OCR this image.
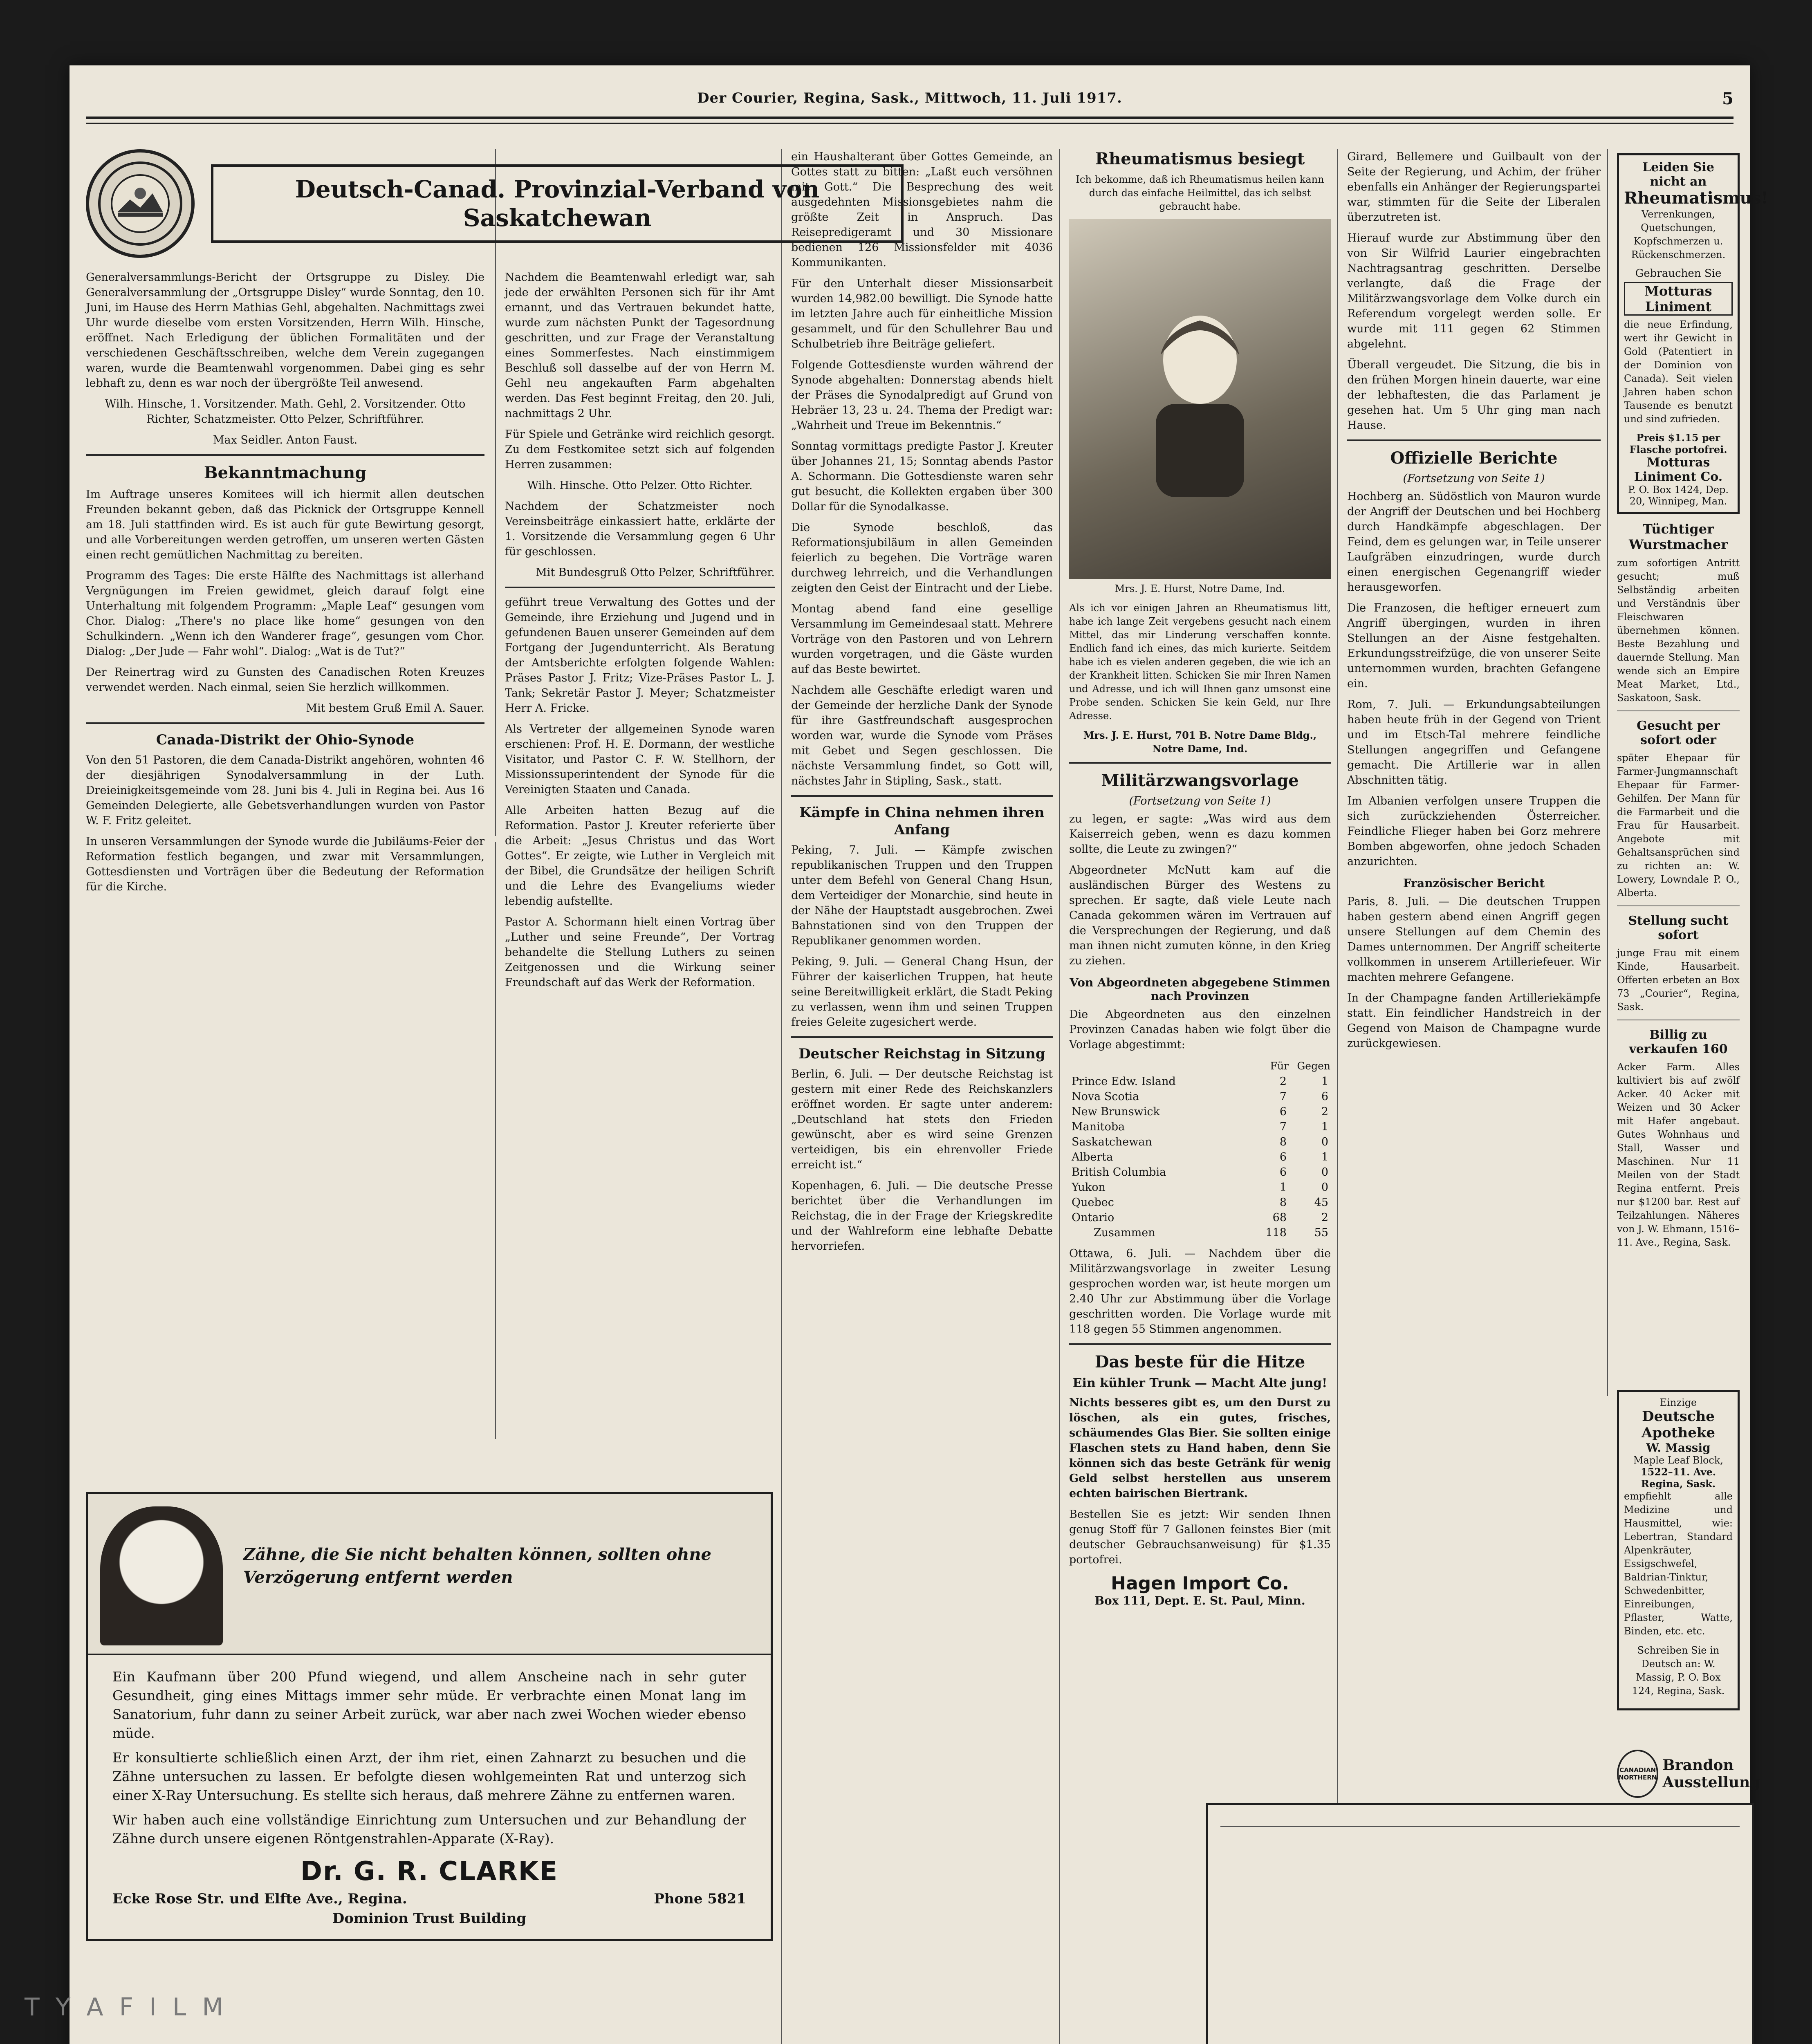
Der Courier, Regina, Sask., Mittwoch, 11. Juli 1917.	5
Deutsch-Canad. Provinzial-Verband von Saskatchewan

Generalversammlungs-Bericht der Ortsgruppe zu Disley. Die Generalversammlung der „Ortsgruppe Disley“ wurde Sonntag, den 10. Juni, im Hause des Herrn Mathias Gehl, abgehalten. Nachmittags zwei Uhr wurde dieselbe vom ersten Vorsitzenden, Herrn Wilh. Hinsche, eröffnet. Nach Erledigung der üblichen Formalitäten und der verschiedenen Geschäftsschreiben, welche dem Verein zugegangen waren, wurde die Beamtenwahl vorgenommen. Dabei ging es sehr lebhaft zu, denn es war noch der übergrößte Teil anwesend.

Wilh. Hinsche, 1. Vorsitzender. Math. Gehl, 2. Vorsitzender. Otto Richter, Schatzmeister. Otto Pelzer, Schriftführer.

Max Seidler. Anton Faust.

Bekanntmachung

Im Auftrage unseres Komitees will ich hiermit allen deutschen Freunden bekannt geben, daß das Picknick der Ortsgruppe Kennell am 18. Juli stattfinden wird. Es ist auch für gute Bewirtung gesorgt, und alle Vorbereitungen werden getroffen, um unseren werten Gästen einen recht gemütlichen Nachmittag zu bereiten.

Programm des Tages: Die erste Hälfte des Nachmittags ist allerhand Vergnügungen im Freien gewidmet, gleich darauf folgt eine Unterhaltung mit folgendem Programm: „Maple Leaf“ gesungen vom Chor. Dialog: „There's no place like home“ gesungen von den Schulkindern. „Wenn ich den Wanderer frage“, gesungen vom Chor. Dialog: „Der Jude — Fahr wohl“. Dialog: „Wat is de Tut?“

Der Reinertrag wird zu Gunsten des Canadischen Roten Kreuzes verwendet werden. Nach einmal, seien Sie herzlich willkommen.

Mit bestem Gruß Emil A. Sauer.

Canada-Distrikt der Ohio-Synode

Von den 51 Pastoren, die dem Canada-Distrikt angehören, wohnten 46 der diesjährigen Synodalversammlung in der Luth. Dreieinigkeitsgemeinde vom 28. Juni bis 4. Juli in Regina bei. Aus 16 Gemeinden Delegierte, alle Gebetsverhandlungen wurden von Pastor W. F. Fritz geleitet.

In unseren Versammlungen der Synode wurde die Jubiläums-Feier der Reformation festlich begangen, und zwar mit Versammlungen, Gottesdiensten und Vorträgen über die Bedeutung der Reformation für die Kirche.

Nachdem die Beamtenwahl erledigt war, sah jede der erwählten Personen sich für ihr Amt ernannt, und das Vertrauen bekundet hatte, wurde zum nächsten Punkt der Tagesordnung geschritten, und zur Frage der Veranstaltung eines Sommerfestes. Nach einstimmigem Beschluß soll dasselbe auf der von Herrn M. Gehl neu angekauften Farm abgehalten werden. Das Fest beginnt Freitag, den 20. Juli, nachmittags 2 Uhr.

Für Spiele und Getränke wird reichlich gesorgt. Zu dem Festkomitee setzt sich auf folgenden Herren zusammen:

Wilh. Hinsche. Otto Pelzer. Otto Richter.

Nachdem der Schatzmeister noch Vereinsbeiträge einkassiert hatte, erklärte der 1. Vorsitzende die Versammlung gegen 6 Uhr für geschlossen.

Mit Bundesgruß Otto Pelzer, Schriftführer.

geführt treue Verwaltung des Gottes und der Gemeinde, ihre Erziehung und Jugend und in gefundenen Bauen unserer Gemeinden auf dem Fortgang der Jugendunterricht. Als Beratung der Amtsberichte erfolgten folgende Wahlen: Präses Pastor J. Fritz; Vize-Präses Pastor L. J. Tank; Sekretär Pastor J. Meyer; Schatzmeister Herr A. Fricke.

Als Vertreter der allgemeinen Synode waren erschienen: Prof. H. E. Dormann, der westliche Visitator, und Pastor C. F. W. Stellhorn, der Missionssuperintendent der Synode für die Vereinigten Staaten und Canada.

Alle Arbeiten hatten Bezug auf die Reformation. Pastor J. Kreuter referierte über die Arbeit: „Jesus Christus und das Wort Gottes“. Er zeigte, wie Luther in Vergleich mit der Bibel, die Grundsätze der heiligen Schrift und die Lehre des Evangeliums wieder lebendig aufstellte.

Pastor A. Schormann hielt einen Vortrag über „Luther und seine Freunde“, Der Vortrag behandelte die Stellung Luthers zu seinen Zeitgenossen und die Wirkung seiner Freundschaft auf das Werk der Reformation.

Zähne, die Sie nicht behalten können, sollten ohne Verzögerung entfernt werden

Ein Kaufmann über 200 Pfund wiegend, und allem Anscheine nach in sehr guter Gesundheit, ging eines Mittags immer sehr müde. Er verbrachte einen Monat lang im Sanatorium, fuhr dann zu seiner Arbeit zurück, war aber nach zwei Wochen wieder ebenso müde.

Er konsultierte schließlich einen Arzt, der ihm riet, einen Zahnarzt zu besuchen und die Zähne untersuchen zu lassen. Er befolgte diesen wohlgemeinten Rat und unterzog sich einer X-Ray Untersuchung. Es stellte sich heraus, daß mehrere Zähne zu entfernen waren.

Wir haben auch eine vollständige Einrichtung zum Untersuchen und zur Behandlung der Zähne durch unsere eigenen Röntgenstrahlen-Apparate (X-Ray).

Dr. G. R. CLARKE
Ecke Rose Str. und Elfte Ave., Regina.	Phone 5821
Dominion Trust Building

ein Haushalterant über Gottes Gemeinde, an Gottes statt zu bitten: „Laßt euch versöhnen mit Gott.“ Die Besprechung des weit ausgedehnten Missionsgebietes nahm die größte Zeit in Anspruch. Das Reisepredigeramt und 30 Missionare bedienen 126 Missionsfelder mit 4036 Kommunikanten.

Für den Unterhalt dieser Missionsarbeit wurden 14,982.00 bewilligt. Die Synode hatte im letzten Jahre auch für einheitliche Mission gesammelt, und für den Schullehrer Bau und Schulbetrieb ihre Beiträge geliefert.

Folgende Gottesdienste wurden während der Synode abgehalten: Donnerstag abends hielt der Präses die Synodalpredigt auf Grund von Hebräer 13, 23 u. 24. Thema der Predigt war: „Wahrheit und Treue im Bekenntnis.“

Sonntag vormittags predigte Pastor J. Kreuter über Johannes 21, 15; Sonntag abends Pastor A. Schormann. Die Gottesdienste waren sehr gut besucht, die Kollekten ergaben über 300 Dollar für die Synodalkasse.

Die Synode beschloß, das Reformationsjubiläum in allen Gemeinden feierlich zu begehen. Die Vorträge waren durchweg lehrreich, und die Verhandlungen zeigten den Geist der Eintracht und der Liebe.

Montag abend fand eine gesellige Versammlung im Gemeindesaal statt. Mehrere Vorträge von den Pastoren und von Lehrern wurden vorgetragen, und die Gäste wurden auf das Beste bewirtet.

Nachdem alle Geschäfte erledigt waren und der Gemeinde der herzliche Dank der Synode für ihre Gastfreundschaft ausgesprochen worden war, wurde die Synode vom Präses mit Gebet und Segen geschlossen. Die nächste Versammlung findet, so Gott will, nächstes Jahr in Stipling, Sask., statt.

Kämpfe in China nehmen ihren Anfang

Peking, 7. Juli. — Kämpfe zwischen republikanischen Truppen und den Truppen unter dem Befehl von General Chang Hsun, dem Verteidiger der Monarchie, sind heute in der Nähe der Hauptstadt ausgebrochen. Zwei Bahnstationen sind von den Truppen der Republikaner genommen worden.

Peking, 9. Juli. — General Chang Hsun, der Führer der kaiserlichen Truppen, hat heute seine Bereitwilligkeit erklärt, die Stadt Peking zu verlassen, wenn ihm und seinen Truppen freies Geleite zugesichert werde.

Deutscher Reichstag in Sitzung

Berlin, 6. Juli. — Der deutsche Reichstag ist gestern mit einer Rede des Reichskanzlers eröffnet worden. Er sagte unter anderem: „Deutschland hat stets den Frieden gewünscht, aber es wird seine Grenzen verteidigen, bis ein ehrenvoller Friede erreicht ist.“

Kopenhagen, 6. Juli. — Die deutsche Presse berichtet über die Verhandlungen im Reichstag, die in der Frage der Kriegskredite und der Wahlreform eine lebhafte Debatte hervorriefen.

Rheumatismus besiegt

Ich bekomme, daß ich Rheumatismus heilen kann durch das einfache Heilmittel, das ich selbst gebraucht habe.

Mrs. J. E. Hurst, Notre Dame, Ind.

Als ich vor einigen Jahren an Rheumatismus litt, habe ich lange Zeit vergebens gesucht nach einem Mittel, das mir Linderung verschaffen konnte. Endlich fand ich eines, das mich kurierte. Seitdem habe ich es vielen anderen gegeben, die wie ich an der Krankheit litten. Schicken Sie mir Ihren Namen und Adresse, und ich will Ihnen ganz umsonst eine Probe senden. Schicken Sie kein Geld, nur Ihre Adresse.

Mrs. J. E. Hurst, 701 B. Notre Dame Bldg., Notre Dame, Ind.

Militärzwangsvorlage
(Fortsetzung von Seite 1)

zu legen, er sagte: „Was wird aus dem Kaiserreich geben, wenn es dazu kommen sollte, die Leute zu zwingen?“

Abgeordneter McNutt kam auf die ausländischen Bürger des Westens zu sprechen. Er sagte, daß viele Leute nach Canada gekommen wären im Vertrauen auf die Versprechungen der Regierung, und daß man ihnen nicht zumuten könne, in den Krieg zu ziehen.

Von Abgeordneten abgegebene Stimmen nach Provinzen

Die Abgeordneten aus den einzelnen Provinzen Canadas haben wie folgt über die Vorlage abgestimmt:

	Für	Gegen
Prince Edw. Island	2	1
Nova Scotia	7	6
New Brunswick	6	2
Manitoba	7	1
Saskatchewan	8	0
Alberta	6	1
British Columbia	6	0
Yukon	1	0
Quebec	8	45
Ontario	68	2
Zusammen	118	55

Ottawa, 6. Juli. — Nachdem über die Militärzwangsvorlage in zweiter Lesung gesprochen worden war, ist heute morgen um 2.40 Uhr zur Abstimmung über die Vorlage geschritten worden. Die Vorlage wurde mit 118 gegen 55 Stimmen angenommen.

Das beste für die Hitze
Ein kühler Trunk — Macht Alte jung!

Nichts besseres gibt es, um den Durst zu löschen, als ein gutes, frisches, schäumendes Glas Bier. Sie sollten einige Flaschen stets zu Hand haben, denn Sie können sich das beste Getränk für wenig Geld selbst herstellen aus unserem echten bairischen Biertrank.

Bestellen Sie es jetzt: Wir senden Ihnen genug Stoff für 7 Gallonen feinstes Bier (mit deutscher Gebrauchsanweisung) für $1.35 portofrei.

Hagen Import Co.
Box 111, Dept. E. St. Paul, Minn.

Girard, Bellemere und Guilbault von der Seite der Regierung, und Achim, der früher ebenfalls ein Anhänger der Regierungspartei war, stimmten für die Seite der Liberalen überzutreten ist.

Hierauf wurde zur Abstimmung über den von Sir Wilfrid Laurier eingebrachten Nachtragsantrag geschritten. Derselbe verlangte, daß die Frage der Militärzwangsvorlage dem Volke durch ein Referendum vorgelegt werden solle. Er wurde mit 111 gegen 62 Stimmen abgelehnt.

Überall vergeudet. Die Sitzung, die bis in den frühen Morgen hinein dauerte, war eine der lebhaftesten, die das Parlament je gesehen hat. Um 5 Uhr ging man nach Hause.

Offizielle Berichte
(Fortsetzung von Seite 1)

Hochberg an. Südöstlich von Mauron wurde der Angriff der Deutschen und bei Hochberg durch Handkämpfe abgeschlagen. Der Feind, dem es gelungen war, in Teile unserer Laufgräben einzudringen, wurde durch einen energischen Gegenangriff wieder herausgeworfen.

Die Franzosen, die heftiger erneuert zum Angriff übergingen, wurden in ihren Stellungen an der Aisne festgehalten. Erkundungsstreifzüge, die von unserer Seite unternommen wurden, brachten Gefangene ein.

Rom, 7. Juli. — Erkundungsabteilungen haben heute früh in der Gegend von Trient und im Etsch-Tal mehrere feindliche Stellungen angegriffen und Gefangene gemacht. Die Artillerie war in allen Abschnitten tätig.

Im Albanien verfolgen unsere Truppen die sich zurückziehenden Österreicher. Feindliche Flieger haben bei Gorz mehrere Bomben abgeworfen, ohne jedoch Schaden anzurichten.

Französischer Bericht

Paris, 8. Juli. — Die deutschen Truppen haben gestern abend einen Angriff gegen unsere Stellungen auf dem Chemin des Dames unternommen. Der Angriff scheiterte vollkommen in unserem Artilleriefeuer. Wir machten mehrere Gefangene.

In der Champagne fanden Artilleriekämpfe statt. Ein feindlicher Handstreich in der Gegend von Maison de Champagne wurde zurückgewiesen.

Leiden Sie nicht an
Rheumatismus!

Verrenkungen, Quetschungen, Kopfschmerzen u. Rückenschmerzen.

Gebrauchen Sie
Motturas Liniment

die neue Erfindung, wert ihr Gewicht in Gold (Patentiert in der Dominion von Canada). Seit vielen Jahren haben schon Tausende es benutzt und sind zufrieden.

Preis $1.15 per Flasche portofrei.
Motturas Liniment Co.
P. O. Box 1424, Dep. 20, Winnipeg, Man.
Tüchtiger Wurstmacher

zum sofortigen Antritt gesucht; muß Selbständig arbeiten und Verständnis über Fleischwaren übernehmen können. Beste Bezahlung und dauernde Stellung. Man wende sich an Empire Meat Market, Ltd., Saskatoon, Sask.

Gesucht per sofort oder

später Ehepaar für Farmer-Jungmannschaft Ehepaar für Farmer-Gehilfen. Der Mann für die Farmarbeit und die Frau für Hausarbeit. Angebote mit Gehaltsansprüchen sind zu richten an: W. Lowery, Lowndale P. O., Alberta.

Stellung sucht sofort

junge Frau mit einem Kinde, Hausarbeit. Offerten erbeten an Box 73 „Courier“, Regina, Sask.

Billig zu verkaufen 160

Acker Farm. Alles kultiviert bis auf zwölf Acker. 40 Acker mit Weizen und 30 Acker mit Hafer angebaut. Gutes Wohnhaus und Stall, Wasser und Maschinen. Nur 11 Meilen von der Stadt Regina entfernt. Preis nur $1200 bar. Rest auf Teilzahlungen. Näheres von J. W. Ehmann, 1516–11. Ave., Regina, Sask.

Einzige
Deutsche Apotheke
W. Massig
Maple Leaf Block,
1522–11. Ave. Regina, Sask.

empfiehlt alle Medizine und Hausmittel, wie: Lebertran, Standard Alpenkräuter, Essigschwefel, Baldrian-Tinktur, Schwedenbitter, Einreibungen, Pflaster, Watte, Binden, etc. etc.

Schreiben Sie in Deutsch an: W. Massig, P. O. Box 124, Regina, Sask.

CANADIAN NORTHERN
Brandon Ausstellung

T Y A F I L M
